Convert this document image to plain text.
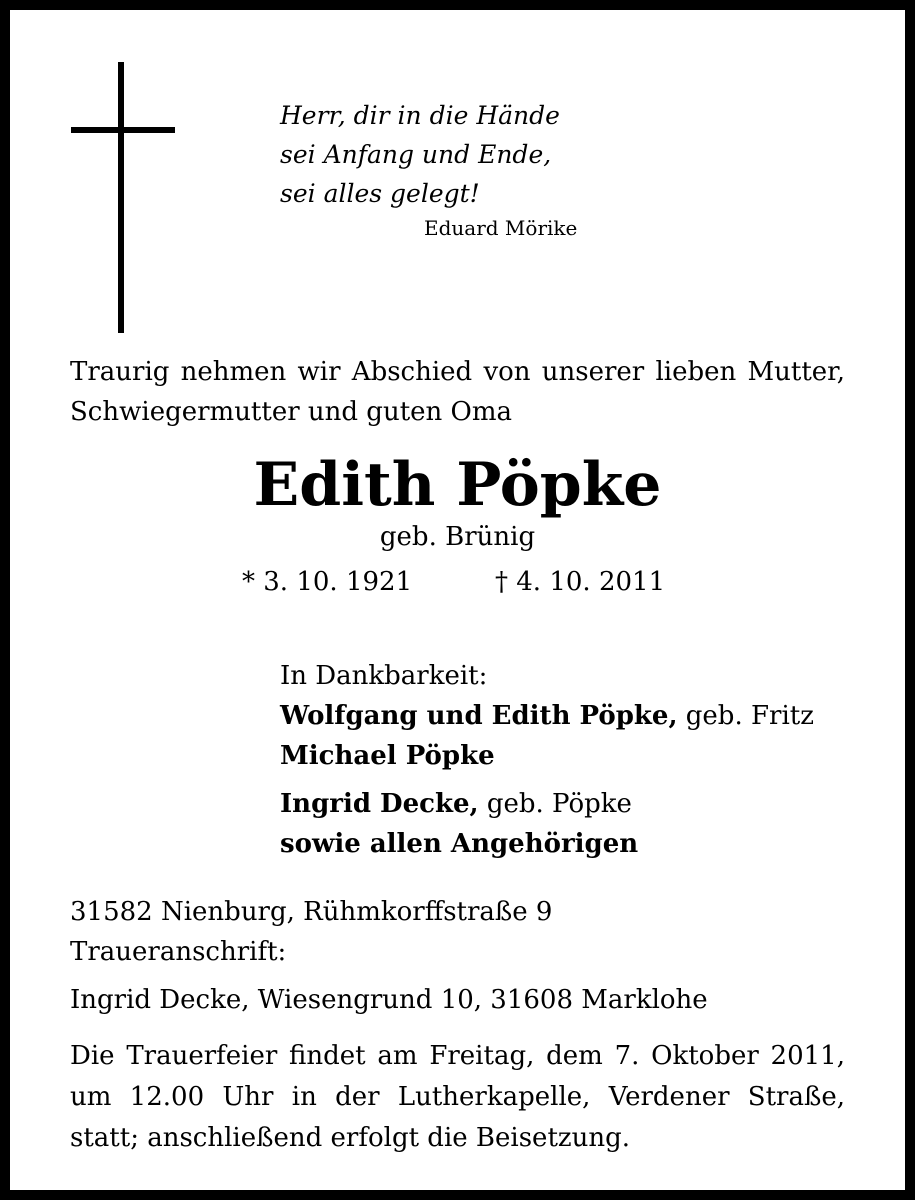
Herr, dir in die Hände
sei Anfang und Ende,
sei alles gelegt!
Eduard Mörike
Traurig nehmen wir Abschied von unserer lieben Mutter, Schwiegermutter und guten Oma
Edith Pöpke
geb. Brünig
* 3. 10. 1921	† 4. 10. 2011
In Dankbarkeit:
Wolfgang und Edith Pöpke, geb. Fritz
Michael Pöpke
Ingrid Decke, geb. Pöpke
sowie allen Angehörigen
31582 Nienburg, Rühmkorffstraße 9
Traueranschrift:
Ingrid Decke, Wiesengrund 10, 31608 Marklohe
Die Trauerfeier findet am Freitag, dem 7. Oktober 2011, um 12.00 Uhr in der Lutherkapelle, Verdener Straße, statt; anschließend erfolgt die Beisetzung.
